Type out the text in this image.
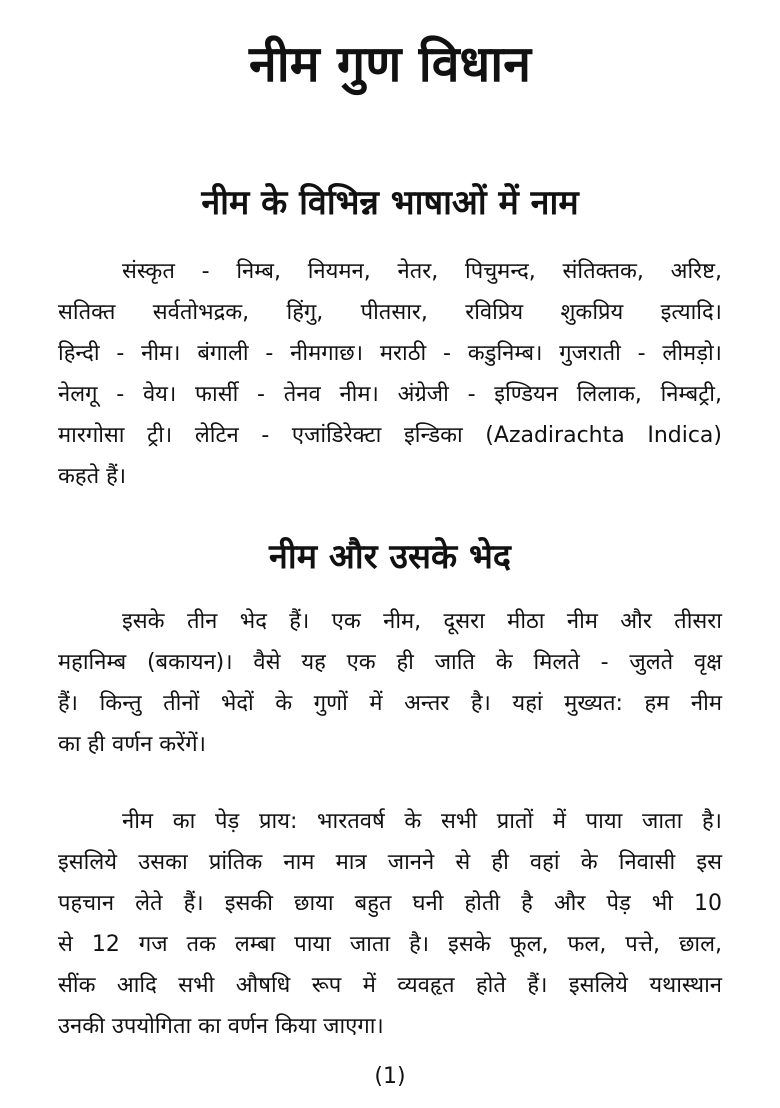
नीम गुण विधान
नीम के विभिन्न भाषाओं में नाम
संस्कृत - निम्ब, नियमन, नेतर, पिचुमन्द, संतिक्तक, अरिष्ट,
सतिक्त सर्वतोभद्रक, हिंगु, पीतसार, रविप्रिय शुकप्रिय इत्यादि।
हिन्दी - नीम। बंगाली - नीमगाछ। मराठी - कडुनिम्ब। गुजराती - लीमड़ो।
नेलगू - वेय। फार्सी - तेनव नीम। अंग्रेजी - इण्डियन लिलाक, निम्बट्री,
मारगोसा ट्री। लेटिन - एजांडिरेक्टा इन्डिका (Azadirachta Indica)
कहते हैं।
नीम और उसके भेद
इसके तीन भेद हैं। एक नीम, दूसरा मीठा नीम और तीसरा
महानिम्ब (बकायन)। वैसे यह एक ही जाति के मिलते - जुलते वृक्ष
हैं। किन्तु तीनों भेदों के गुणों में अन्तर है। यहां मुख्यत: हम नीम
का ही वर्णन करेंगें।
नीम का पेड़ प्राय: भारतवर्ष के सभी प्रातों में पाया जाता है।
इसलिये उसका प्रांतिक नाम मात्र जानने से ही वहां के निवासी इस
पहचान लेते हैं। इसकी छाया बहुत घनी होती है और पेड़ भी 10
से 12 गज तक लम्बा पाया जाता है। इसके फूल, फल, पत्ते, छाल,
सींक आदि सभी औषधि रूप में व्यवहृत होते हैं। इसलिये यथास्थान
उनकी उपयोगिता का वर्णन किया जाएगा।
(1)
